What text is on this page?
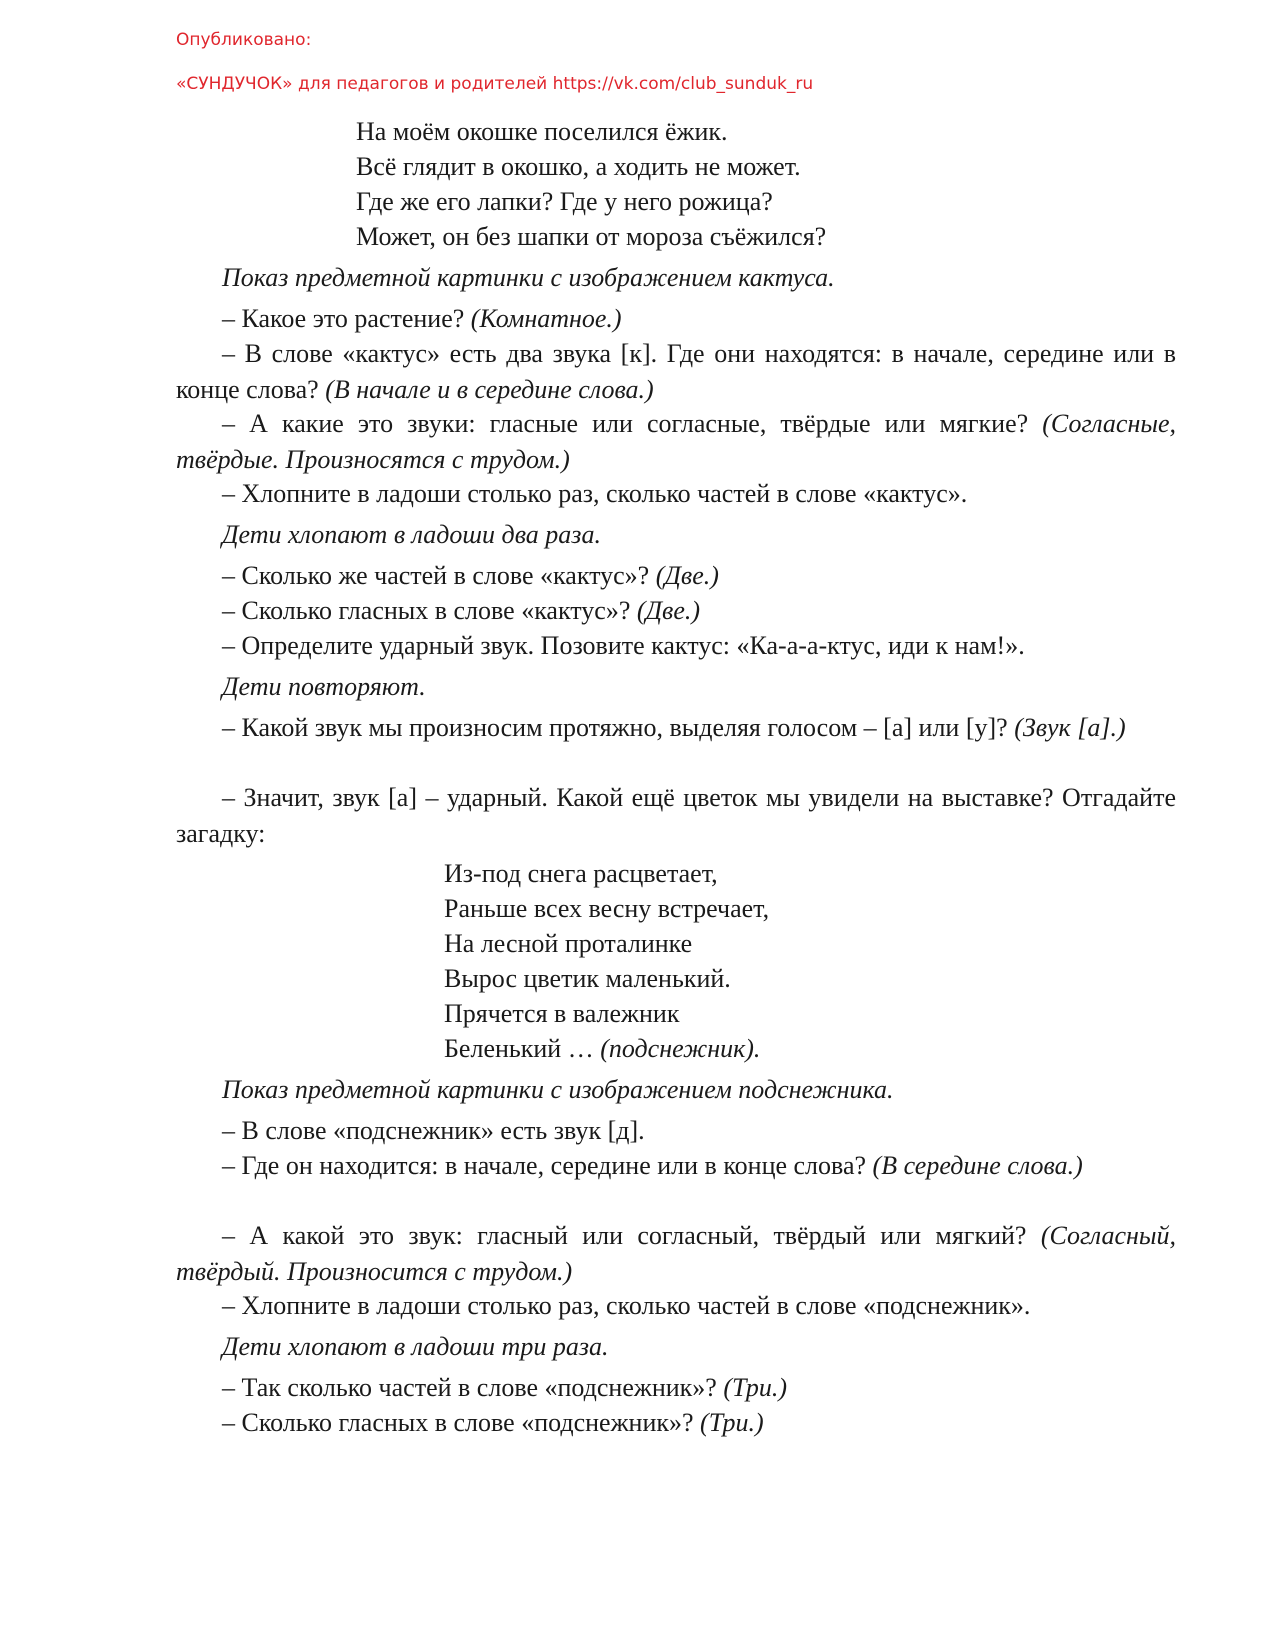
Опубликовано:
«СУНДУЧОК» для педагогов и родителей https://vk.com/club_sunduk_ru
На моём окошке поселился ёжик.
Всё глядит в окошко, а ходить не может.
Где же его лапки? Где у него рожица?
Может, он без шапки от мороза съёжился?
Показ предметной картинки с изображением кактуса.
– Какое это растение? (Комнатное.)
– В слове «кактус» есть два звука [к]. Где они находятся: в начале, середине или в конце слова? (В начале и в середине слова.)
– А какие это звуки: гласные или согласные, твёрдые или мягкие? (Согласные, твёрдые. Произносятся с трудом.)
– Хлопните в ладоши столько раз, сколько частей в слове «кактус».
Дети хлопают в ладоши два раза.
– Сколько же частей в слове «кактус»? (Две.)
– Сколько гласных в слове «кактус»? (Две.)
– Определите ударный звук. Позовите кактус: «Ка-а-а-ктус, иди к нам!».
Дети повторяют.
– Какой звук мы произносим протяжно, выделяя голосом – [а] или [у]? (Звук [а].)
– Значит, звук [а] – ударный. Какой ещё цветок мы увидели на выставке? Отгадайте загадку:
Из-под снега расцветает,
Раньше всех весну встречает,
На лесной проталинке
Вырос цветик маленький.
Прячется в валежник
Беленький … (подснежник).
Показ предметной картинки с изображением подснежника.
– В слове «подснежник» есть звук [д].
– Где он находится: в начале, середине или в конце слова? (В середине слова.)
– А какой это звук: гласный или согласный, твёрдый или мягкий? (Согласный, твёрдый. Произносится с трудом.)
– Хлопните в ладоши столько раз, сколько частей в слове «подснежник».
Дети хлопают в ладоши три раза.
– Так сколько частей в слове «подснежник»? (Три.)
– Сколько гласных в слове «подснежник»? (Три.)
